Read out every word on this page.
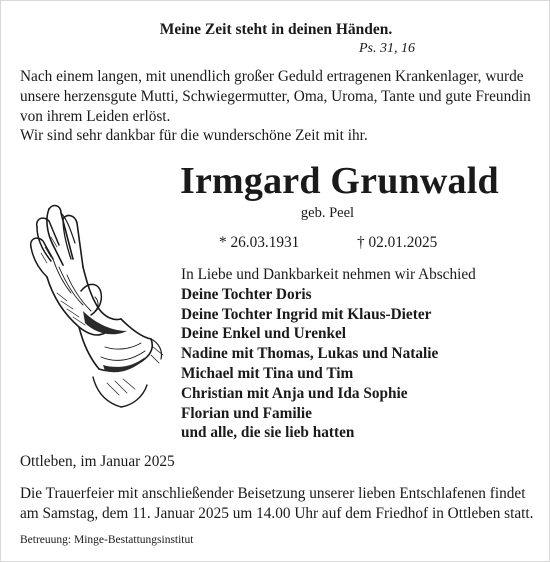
Meine Zeit steht in deinen Händen.
Ps. 31, 16
Nach einem langen, mit unendlich großer Geduld ertragenen Krankenlager, wurde
unsere herzensgute Mutti, Schwiegermutter, Oma, Uroma, Tante und gute Freundin
von ihrem Leiden erlöst.
Wir sind sehr dankbar für die wunderschöne Zeit mit ihr.
Irmgard Grunwald
geb. Peel
* 26.03.1931	† 02.01.2025
In Liebe und Dankbarkeit nehmen wir Abschied
Deine Tochter Doris
Deine Tochter Ingrid mit Klaus-Dieter
Deine Enkel und Urenkel
Nadine mit Thomas, Lukas und Natalie
Michael mit Tina und Tim
Christian mit Anja und Ida Sophie
Florian und Familie
und alle, die sie lieb hatten
Ottleben, im Januar 2025
Die Trauerfeier mit anschließender Beisetzung unserer lieben Entschlafenen findet
am Samstag, dem 11. Januar 2025 um 14.00 Uhr auf dem Friedhof in Ottleben statt.
Betreuung: Minge-Bestattungsinstitut
